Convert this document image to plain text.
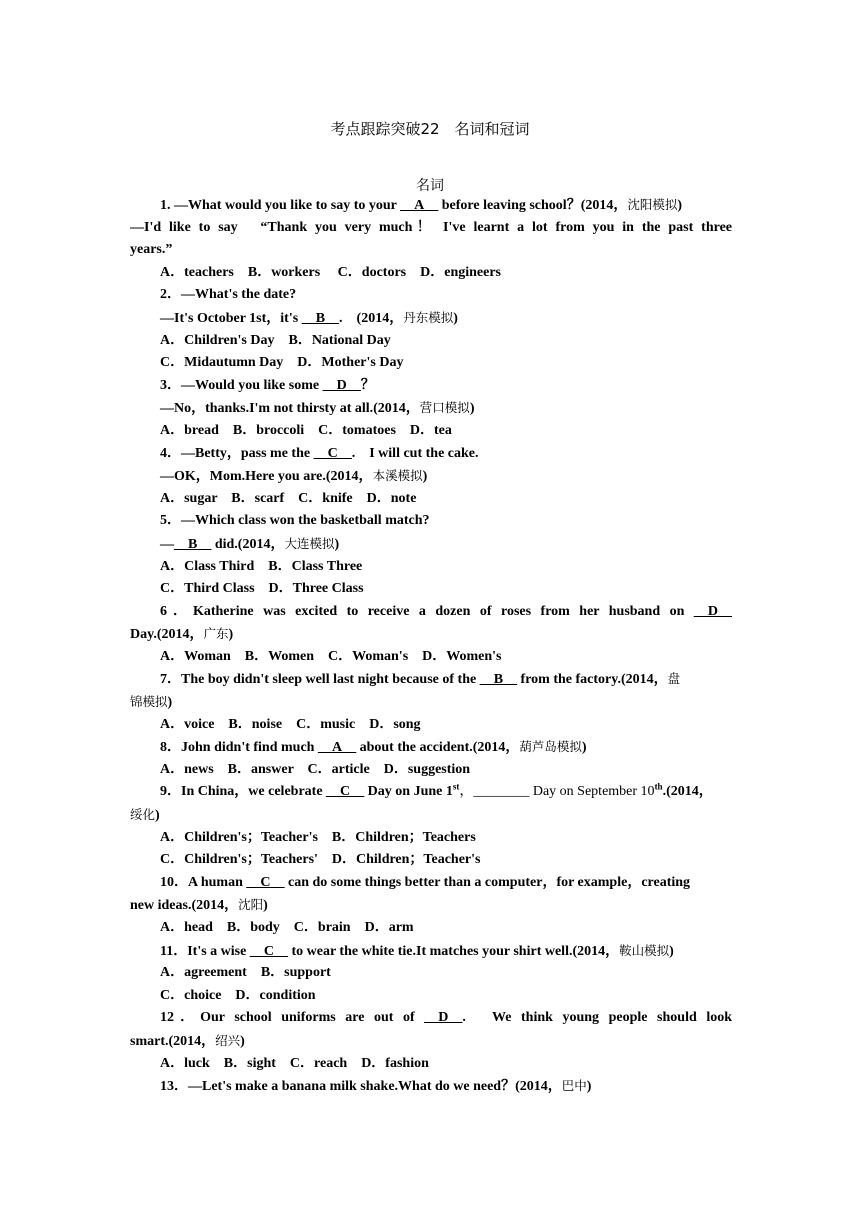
考点跟踪突破22　名词和冠词
名词
1. —What would you like to say to your __A__ before leaving school？(2014，沈阳模拟)
—I'd like to say　“Thank you very much！ I've learnt a lot from you in the past three
years.”
A．teachers　B．workers　 C．doctors　D．engineers
2．—What's the date?
—It's October 1st，it's __B__.　(2014，丹东模拟)
A．Children's Day　B．National Day
C．Midautumn Day　D．Mother's Day
3．—Would you like some __D__？
—No，thanks.I'm not thirsty at all.(2014，营口模拟)
A．bread　B．broccoli　C．tomatoes　D．tea
4．—Betty，pass me the __C__.　I will cut the cake.
—OK，Mom.Here you are.(2014，本溪模拟)
A．sugar　B．scarf　C．knife　D．note
5．—Which class won the basketball match?
—__B__ did.(2014，大连模拟)
A．Class Third　B．Class Three
C．Third Class　D．Three Class
6．Katherine was excited to receive a dozen of roses from her husband on __D__
Day.(2014，广东)
A．Woman　B．Women　C．Woman's　D．Women's
7．The boy didn't sleep well last night because of the __B__ from the factory.(2014，盘
锦模拟)
A．voice　B．noise　C．music　D．song
8．John didn't find much __A__ about the accident.(2014，葫芦岛模拟)
A．news　B．answer　C．article　D．suggestion
9．In China，we celebrate __C__ Day on June 1st，________ Day on September 10th.(2014，
绥化)
A．Children's；Teacher's　B．Children；Teachers
C．Children's；Teachers'　D．Children；Teacher's
10．A human __C__ can do some things better than a computer，for example，creating
new ideas.(2014，沈阳)
A．head　B．body　C．brain　D．arm
11．It's a wise __C__ to wear the white tie.It matches your shirt well.(2014，鞍山模拟)
A．agreement　B．support
C．choice　D．condition
12．Our school uniforms are out of __D__.　We think young people should look
smart.(2014，绍兴)
A．luck　B．sight　C．reach　D．fashion
13．—Let's make a banana milk shake.What do we need？(2014，巴中)
